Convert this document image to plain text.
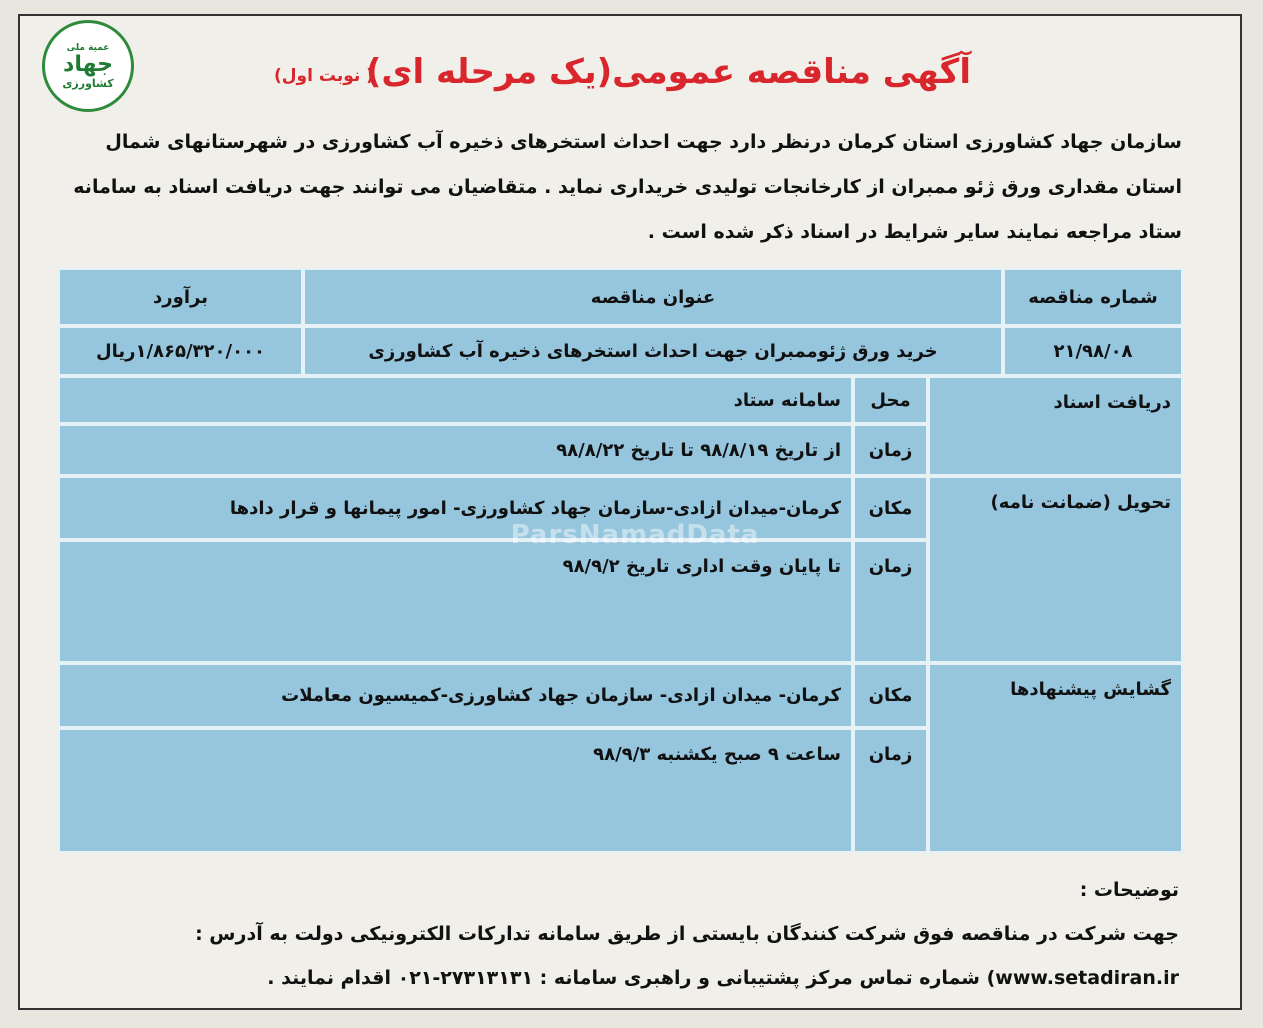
عمیة ملی
جهاد
کشاورزی	آگهی مناقصه عمومی(یک مرحله ای)
( نوبت اول)
سازمان جهاد کشاورزی استان کرمان درنظر دارد جهت احداث استخرهای ذخیره آب کشاورزی در شهرستانهای شمال استان مقداری ورق ژئو ممبران از کارخانجات تولیدی خریداری نماید . متقاضیان می توانند جهت دریافت اسناد به سامانه ستاد مراجعه نمایند سایر شرایط در اسناد ذکر شده است .
شماره مناقصه
عنوان مناقصه
برآورد
۲۱/۹۸/۰۸
خرید ورق ژئوممبران جهت احداث استخرهای ذخیره آب کشاورزی
۱/۸۶۵/۳۲۰/۰۰۰ریال
دریافت اسناد
محل
سامانه ستاد
زمان
از تاریخ ۹۸/۸/۱۹ تا تاریخ ۹۸/۸/۲۲
تحویل (ضمانت نامه)
مکان
کرمان-میدان ازادی-سازمان جهاد کشاورزی- امور پیمانها و قرار دادها
زمان
تا پایان وقت اداری تاریخ ۹۸/۹/۲
گشایش پیشنهادها
مکان
کرمان- میدان ازادی- سازمان جهاد کشاورزی-کمیسیون معاملات
زمان
ساعت ۹ صبح یکشنبه ۹۸/۹/۳
ParsNamadData
توضیحات :
جهت شرکت در مناقصه فوق شرکت کنندگان بایستی از طریق سامانه تدارکات الکترونیکی دولت به آدرس :
(www.setadiran.ir شماره تماس مرکز پشتیبانی و راهبری سامانه : ۲۷۳۱۳۱۳۱-۰۲۱ اقدام نمایند .
